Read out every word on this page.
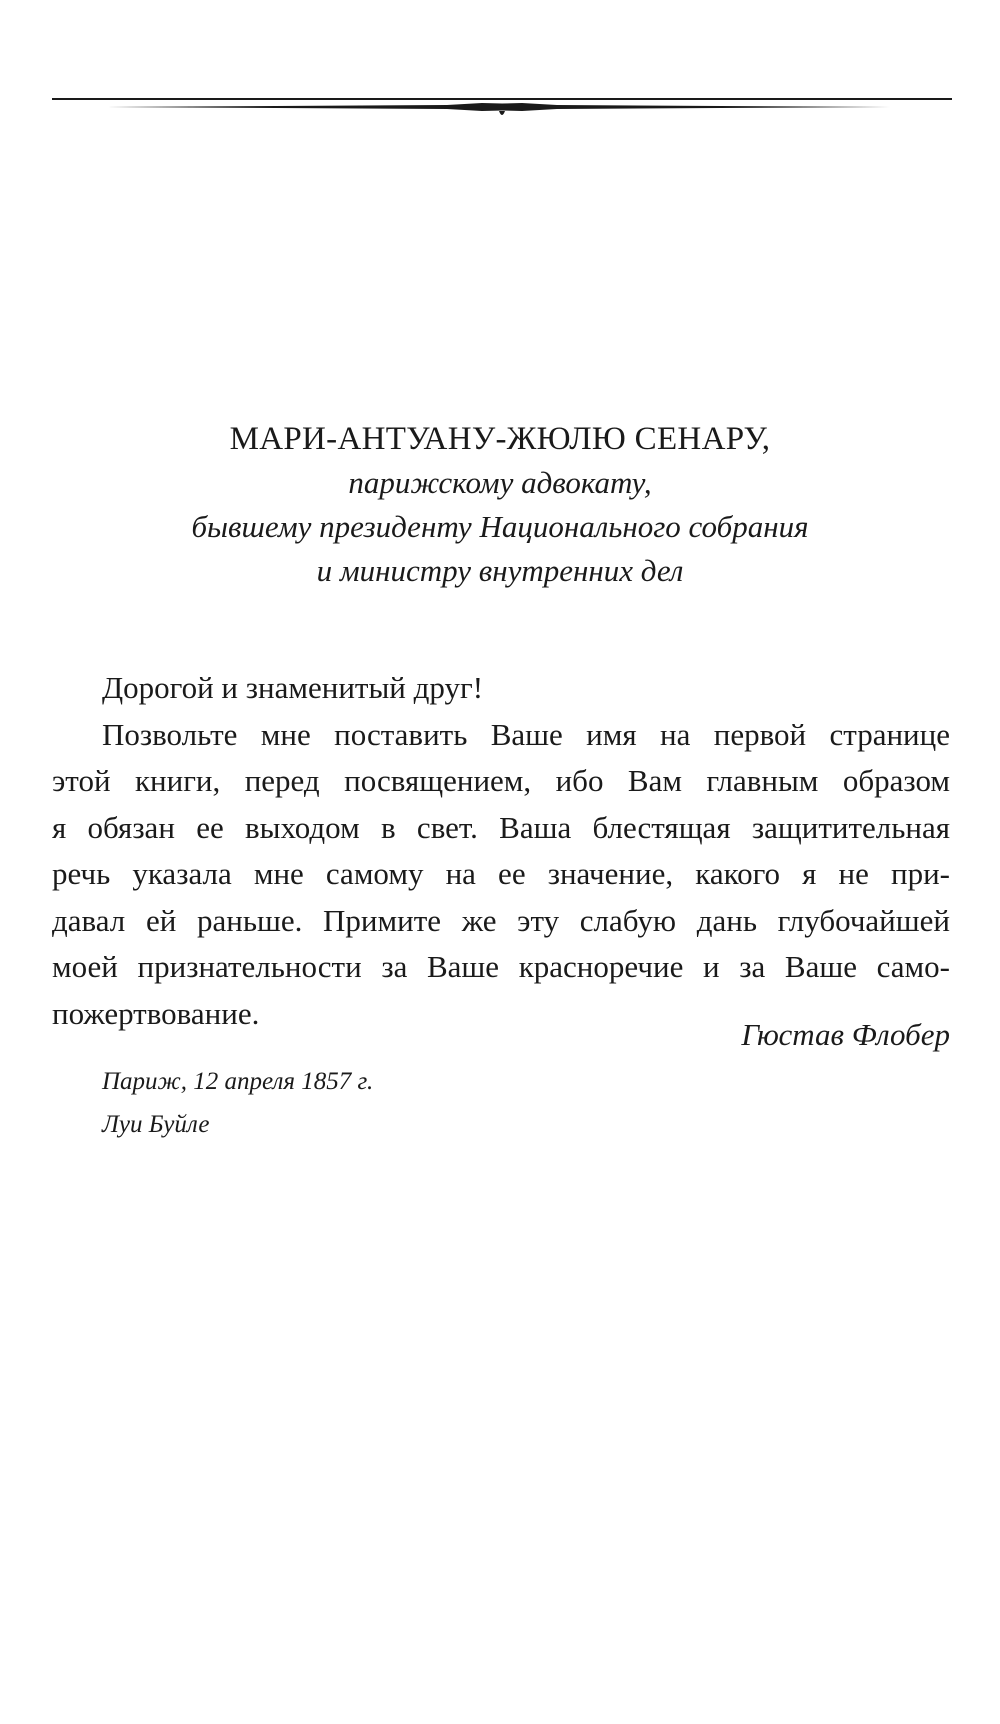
МАРИ-АНТУАНУ-ЖЮЛЮ СЕНАРУ,
парижскому адвокату,
бывшему президенту Национального собрания
и министру внутренних дел
Дорогой и знаменитый друг!
Позвольте мне поставить Ваше имя на первой странице
этой книги, перед посвящением, ибо Вам главным образом
я обязан ее выходом в свет. Ваша блестящая защитительная
речь указала мне самому на ее значение, какого я не при-
давал ей раньше. Примите же эту слабую дань глубочайшей
моей признательности за Ваше красноречие и за Ваше само-
пожертвование.
Гюстав Флобер
Париж, 12 апреля 1857 г.
Луи Буйле
